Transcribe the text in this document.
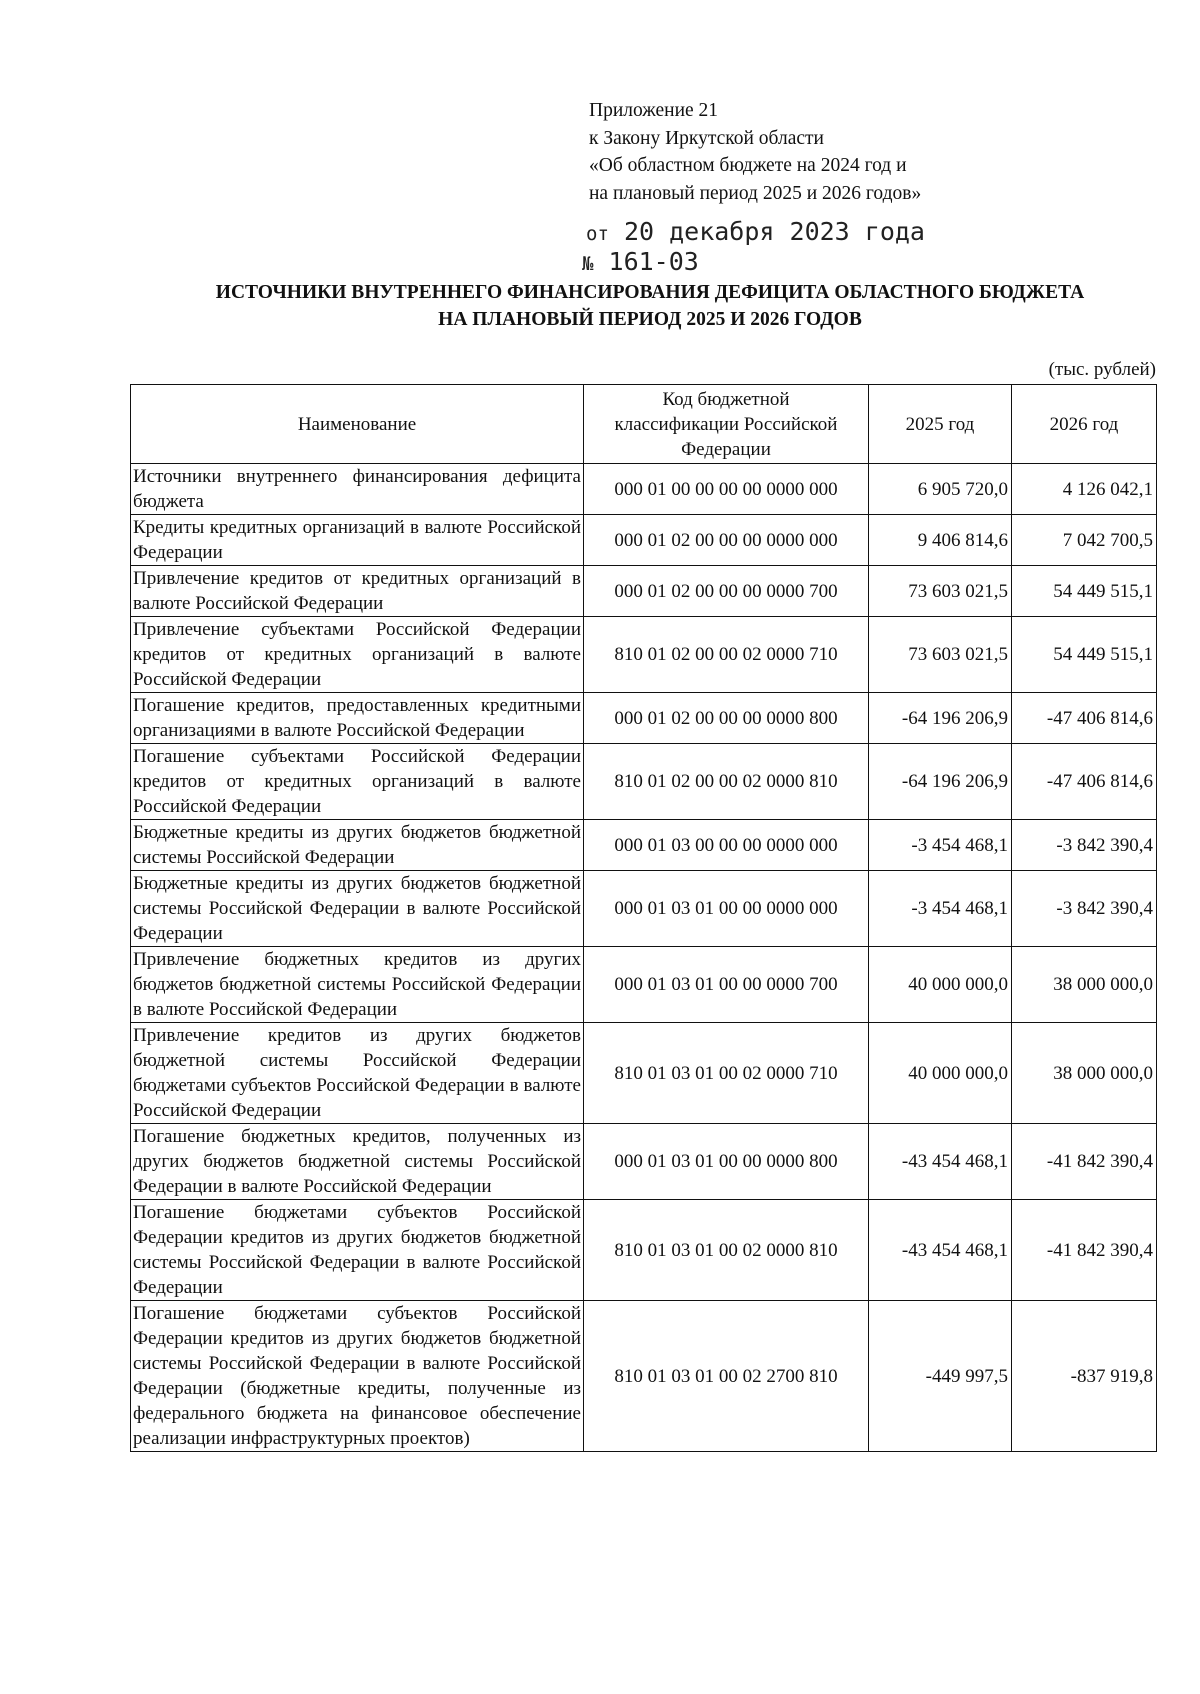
Приложение 21
к Закону Иркутской области
«Об областном бюджете на 2024 год и
на плановый период 2025 и 2026 годов»
от 20 декабря 2023 года
№ 161-03
ИСТОЧНИКИ ВНУТРЕННЕГО ФИНАНСИРОВАНИЯ ДЕФИЦИТА ОБЛАСТНОГО БЮДЖЕТА
НА ПЛАНОВЫЙ ПЕРИОД 2025 И 2026 ГОДОВ
(тыс. рублей)
Наименование	Код бюджетной классификации Российской Федерации	2025 год	2026 год
Источники внутреннего финансирования дефицита бюджета	000 01 00 00 00 00 0000 000	6 905 720,0	4 126 042,1
Кредиты кредитных организаций в валюте Российской Федерации	000 01 02 00 00 00 0000 000	9 406 814,6	7 042 700,5
Привлечение кредитов от кредитных организаций в валюте Российской Федерации	000 01 02 00 00 00 0000 700	73 603 021,5	54 449 515,1
Привлечение субъектами Российской Федерации кредитов от кредитных организаций в валюте Российской Федерации	810 01 02 00 00 02 0000 710	73 603 021,5	54 449 515,1
Погашение кредитов, предоставленных кредитными организациями в валюте Российской Федерации	000 01 02 00 00 00 0000 800	-64 196 206,9	-47 406 814,6
Погашение субъектами Российской Федерации кредитов от кредитных организаций в валюте Российской Федерации	810 01 02 00 00 02 0000 810	-64 196 206,9	-47 406 814,6
Бюджетные кредиты из других бюджетов бюджетной системы Российской Федерации	000 01 03 00 00 00 0000 000	-3 454 468,1	-3 842 390,4
Бюджетные кредиты из других бюджетов бюджетной системы Российской Федерации в валюте Российской Федерации	000 01 03 01 00 00 0000 000	-3 454 468,1	-3 842 390,4
Привлечение бюджетных кредитов из других бюджетов бюджетной системы Российской Федерации в валюте Российской Федерации	000 01 03 01 00 00 0000 700	40 000 000,0	38 000 000,0
Привлечение кредитов из других бюджетов бюджетной системы Российской Федерации бюджетами субъектов Российской Федерации в валюте Российской Федерации	810 01 03 01 00 02 0000 710	40 000 000,0	38 000 000,0
Погашение бюджетных кредитов, полученных из других бюджетов бюджетной системы Российской Федерации в валюте Российской Федерации	000 01 03 01 00 00 0000 800	-43 454 468,1	-41 842 390,4
Погашение бюджетами субъектов Российской Федерации кредитов из других бюджетов бюджетной системы Российской Федерации в валюте Российской Федерации	810 01 03 01 00 02 0000 810	-43 454 468,1	-41 842 390,4
Погашение бюджетами субъектов Российской Федерации кредитов из других бюджетов бюджетной системы Российской Федерации в валюте Российской Федерации (бюджетные кредиты, полученные из федерального бюджета на финансовое обеспечение реализации инфраструктурных проектов)	810 01 03 01 00 02 2700 810	-449 997,5	-837 919,8
